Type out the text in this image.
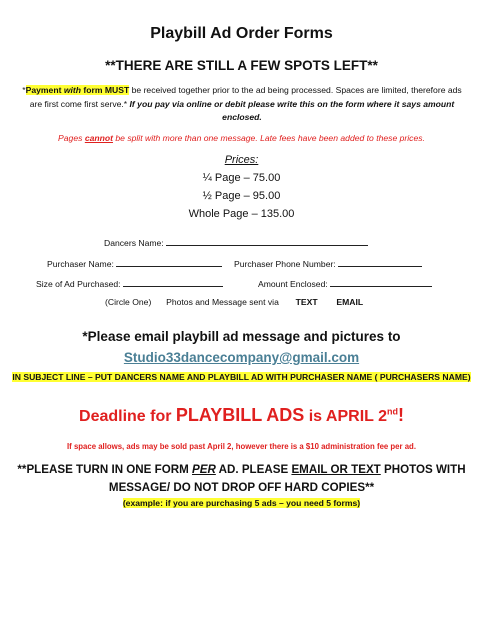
Playbill Ad Order Forms
**THERE ARE STILL A FEW SPOTS LEFT**
*Payment with form MUST be received together prior to the ad being processed. Spaces are limited, therefore ads are first come first serve.* If you pay via online or debit please write this on the form where it says amount enclosed.
Pages cannot be split with more than one message. Late fees have been added to these prices.
Prices:
¼ Page – 75.00
½ Page – 95.00
Whole Page – 135.00
Dancers Name:
Purchaser Name:	Purchaser Phone Number:
Size of Ad Purchased:	Amount Enclosed:
(Circle One) Photos and Message sent via TEXT EMAIL
*Please email playbill ad message and pictures to
Studio33dancecompany@gmail.com
IN SUBJECT LINE – PUT DANCERS NAME AND PLAYBILL AD WITH PURCHASER NAME ( PURCHASERS NAME)
Deadline for PLAYBILL ADS is APRIL 2nd!
If space allows, ads may be sold past April 2, however there is a $10 administration fee per ad.
**PLEASE TURN IN ONE FORM PER AD. PLEASE EMAIL OR TEXT PHOTOS WITH MESSAGE/ DO NOT DROP OFF HARD COPIES**
(example: if you are purchasing 5 ads – you need 5 forms)
